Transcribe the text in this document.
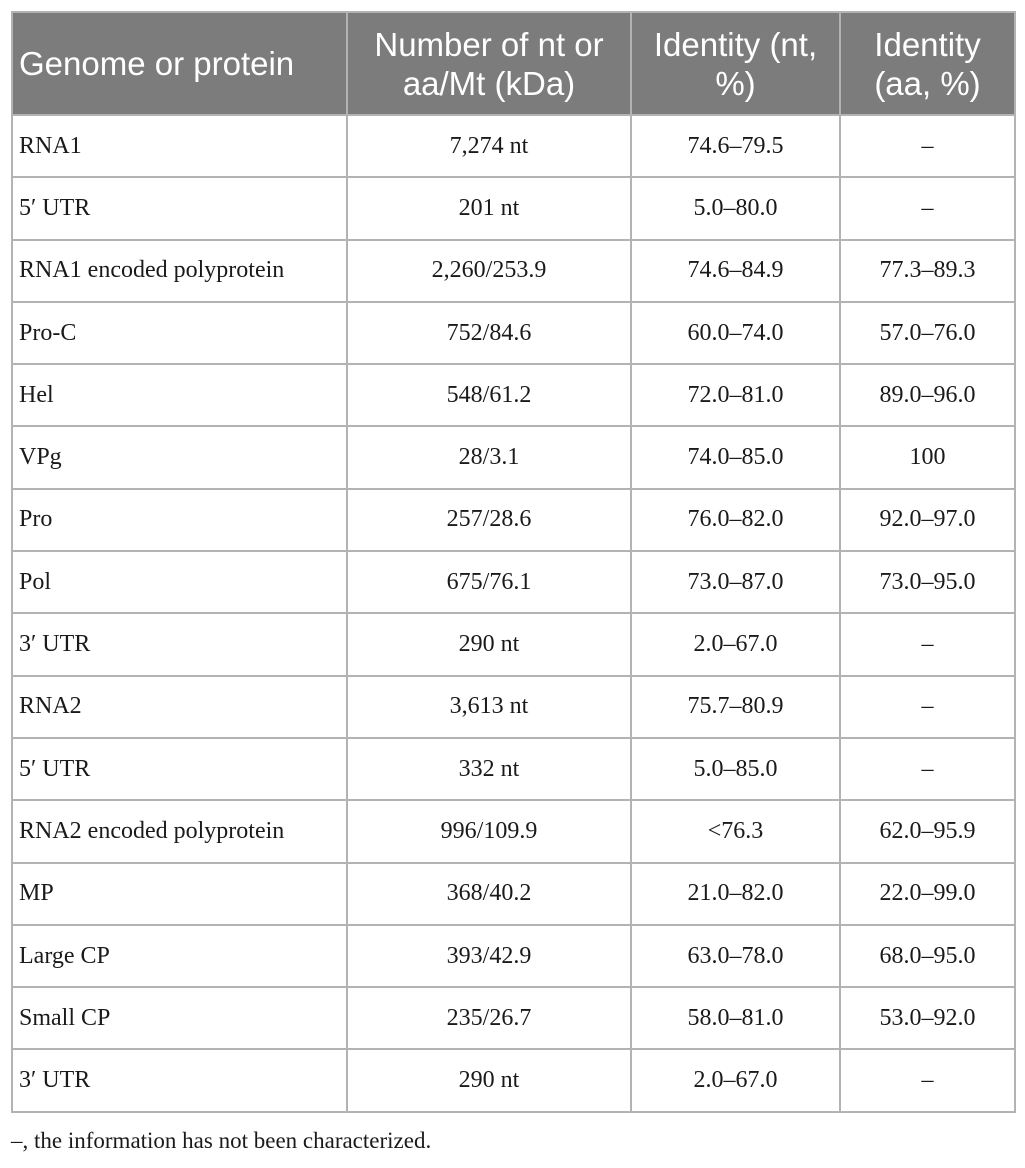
Genome or protein	Number of nt or aa/Mt (kDa)	Identity (nt, %)	Identity (aa, %)
RNA1	7,274 nt	74.6–79.5	–
5′ UTR	201 nt	5.0–80.0	–
RNA1 encoded polyprotein	2,260/253.9	74.6–84.9	77.3–89.3
Pro-C	752/84.6	60.0–74.0	57.0–76.0
Hel	548/61.2	72.0–81.0	89.0–96.0
VPg	28/3.1	74.0–85.0	100
Pro	257/28.6	76.0–82.0	92.0–97.0
Pol	675/76.1	73.0–87.0	73.0–95.0
3′ UTR	290 nt	2.0–67.0	–
RNA2	3,613 nt	75.7–80.9	–
5′ UTR	332 nt	5.0–85.0	–
RNA2 encoded polyprotein	996/109.9	<76.3	62.0–95.9
MP	368/40.2	21.0–82.0	22.0–99.0
Large CP	393/42.9	63.0–78.0	68.0–95.0
Small CP	235/26.7	58.0–81.0	53.0–92.0
3′ UTR	290 nt	2.0–67.0	–
–, the information has not been characterized.
